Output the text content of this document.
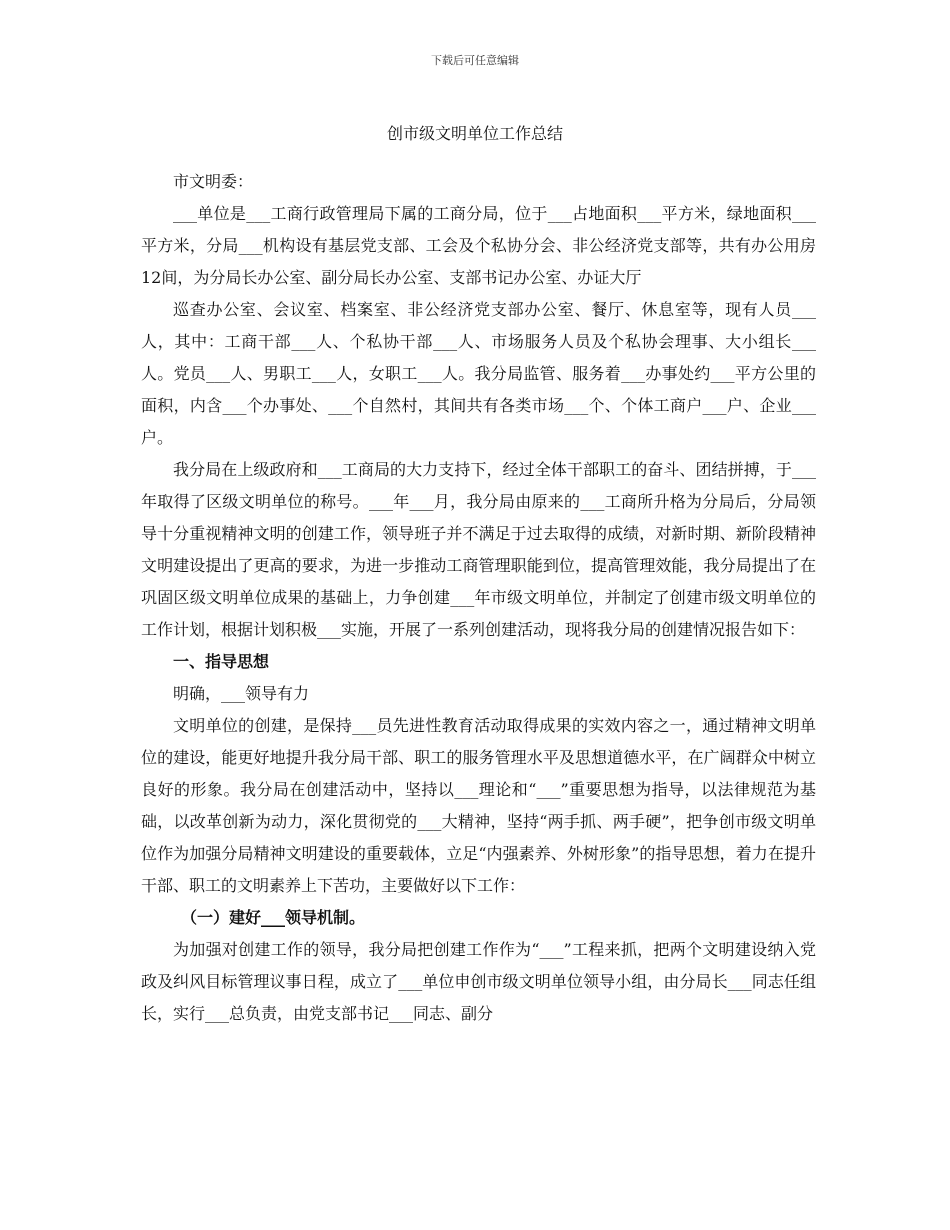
下载后可任意编辑
创市级文明单位工作总结

市文明委：

___单位是___工商行政管理局下属的工商分局，位于___占地面积___平方米，绿地面积___平方米，分局___机构设有基层党支部、工会及个私协分会、非公经济党支部等，共有办公用房12间，为分局长办公室、副分局长办公室、支部书记办公室、办证大厅

巡查办公室、会议室、档案室、非公经济党支部办公室、餐厅、休息室等，现有人员___人，其中：工商干部___人、个私协干部___人、市场服务人员及个私协会理事、大小组长___人。党员___人、男职工___人，女职工___人。我分局监管、服务着___办事处约___平方公里的面积，内含___个办事处、___个自然村，其间共有各类市场___个、个体工商户___户、企业___户。

我分局在上级政府和___工商局的大力支持下，经过全体干部职工的奋斗、团结拼搏，于___年取得了区级文明单位的称号。___年___月，我分局由原来的___工商所升格为分局后，分局领导十分重视精神文明的创建工作，领导班子并不满足于过去取得的成绩，对新时期、新阶段精神文明建设提出了更高的要求，为进一步推动工商管理职能到位，提高管理效能，我分局提出了在巩固区级文明单位成果的基础上，力争创建___年市级文明单位，并制定了创建市级文明单位的工作计划，根据计划积极___实施，开展了一系列创建活动，现将我分局的创建情况报告如下：

一、指导思想

明确，___领导有力

文明单位的创建，是保持___员先进性教育活动取得成果的实效内容之一，通过精神文明单位的建设，能更好地提升我分局干部、职工的服务管理水平及思想道德水平，在广阔群众中树立良好的形象。我分局在创建活动中，坚持以___理论和“___”重要思想为指导，以法律规范为基础，以改革创新为动力，深化贯彻党的___大精神，坚持“两手抓、两手硬”，把争创市级文明单位作为加强分局精神文明建设的重要载体，立足“内强素养、外树形象”的指导思想，着力在提升干部、职工的文明素养上下苦功，主要做好以下工作：

（一）建好___领导机制。

为加强对创建工作的领导，我分局把创建工作作为“___”工程来抓，把两个文明建设纳入党政及纠风目标管理议事日程，成立了___单位申创市级文明单位领导小组，由分局长___同志任组长，实行___总负责，由党支部书记___同志、副分
